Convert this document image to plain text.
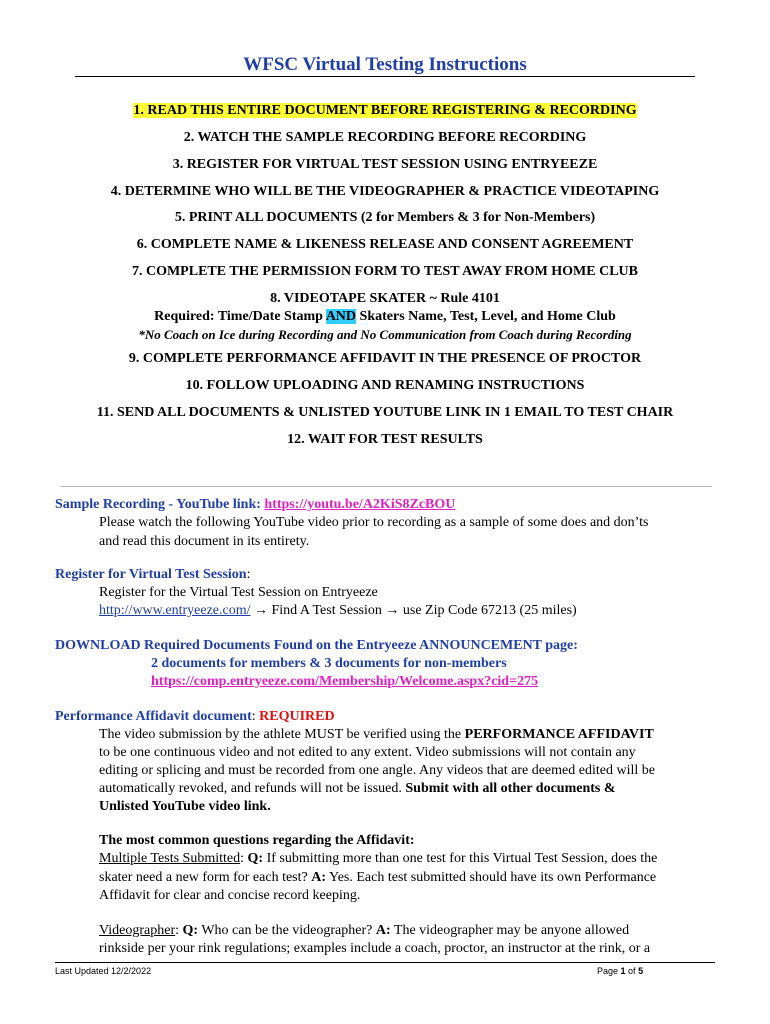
WFSC Virtual Testing Instructions
1. READ THIS ENTIRE DOCUMENT BEFORE REGISTERING & RECORDING
2. WATCH THE SAMPLE RECORDING BEFORE RECORDING
3. REGISTER FOR VIRTUAL TEST SESSION USING ENTRYEEZE
4. DETERMINE WHO WILL BE THE VIDEOGRAPHER & PRACTICE VIDEOTAPING
5. PRINT ALL DOCUMENTS (2 for Members & 3 for Non-Members)
6. COMPLETE NAME & LIKENESS RELEASE AND CONSENT AGREEMENT
7. COMPLETE THE PERMISSION FORM TO TEST AWAY FROM HOME CLUB
8. VIDEOTAPE SKATER ~ Rule 4101
Required: Time/Date Stamp AND Skaters Name, Test, Level, and Home Club
*No Coach on Ice during Recording and No Communication from Coach during Recording
9. COMPLETE PERFORMANCE AFFIDAVIT IN THE PRESENCE OF PROCTOR
10. FOLLOW UPLOADING AND RENAMING INSTRUCTIONS
11. SEND ALL DOCUMENTS & UNLISTED YOUTUBE LINK IN 1 EMAIL TO TEST CHAIR
12. WAIT FOR TEST RESULTS
Sample Recording - YouTube link: https://youtu.be/A2KiS8ZcBOU
Please watch the following YouTube video prior to recording as a sample of some does and don’ts
and read this document in its entirety.
Register for Virtual Test Session:
Register for the Virtual Test Session on Entryeeze
http://www.entryeeze.com/ → Find A Test Session → use Zip Code 67213 (25 miles)
DOWNLOAD Required Documents Found on the Entryeeze ANNOUNCEMENT page:
2 documents for members & 3 documents for non-members
https://comp.entryeeze.com/Membership/Welcome.aspx?cid=275
Performance Affidavit document: REQUIRED
The video submission by the athlete MUST be verified using the PERFORMANCE AFFIDAVIT
to be one continuous video and not edited to any extent. Video submissions will not contain any
editing or splicing and must be recorded from one angle. Any videos that are deemed edited will be
automatically revoked, and refunds will not be issued. Submit with all other documents &
Unlisted YouTube video link.
The most common questions regarding the Affidavit:
Multiple Tests Submitted: Q: If submitting more than one test for this Virtual Test Session, does the
skater need a new form for each test? A: Yes. Each test submitted should have its own Performance
Affidavit for clear and concise record keeping.
Videographer: Q: Who can be the videographer? A: The videographer may be anyone allowed
rinkside per your rink regulations; examples include a coach, proctor, an instructor at the rink, or a
Last Updated 12/2/2022	Page 1 of 5
